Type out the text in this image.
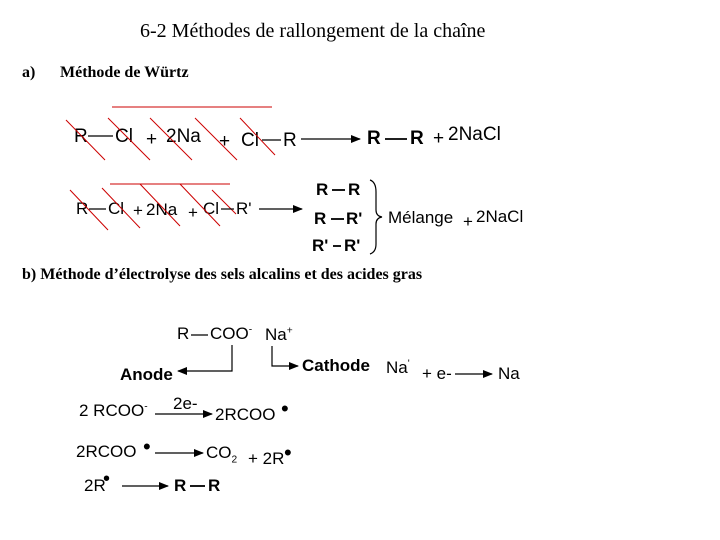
6-2 Méthodes de rallongement de la chaîne
a) Méthode de Würtz
R Cl + 2Na + Cl R	R R + 2NaCl
R Cl + 2Na + Cl R'
R R
R R'
R' R'
Mélange + 2NaCl
b) Méthode d’électrolyse des sels alcalins et des acides gras
R COO- Na+
Anode	Cathode Na'
+ e-	Na
2 RCOO- 2e-
2RCOO •
2RCOO •	$CO_2 + 2R$ •
2R
•	R R
